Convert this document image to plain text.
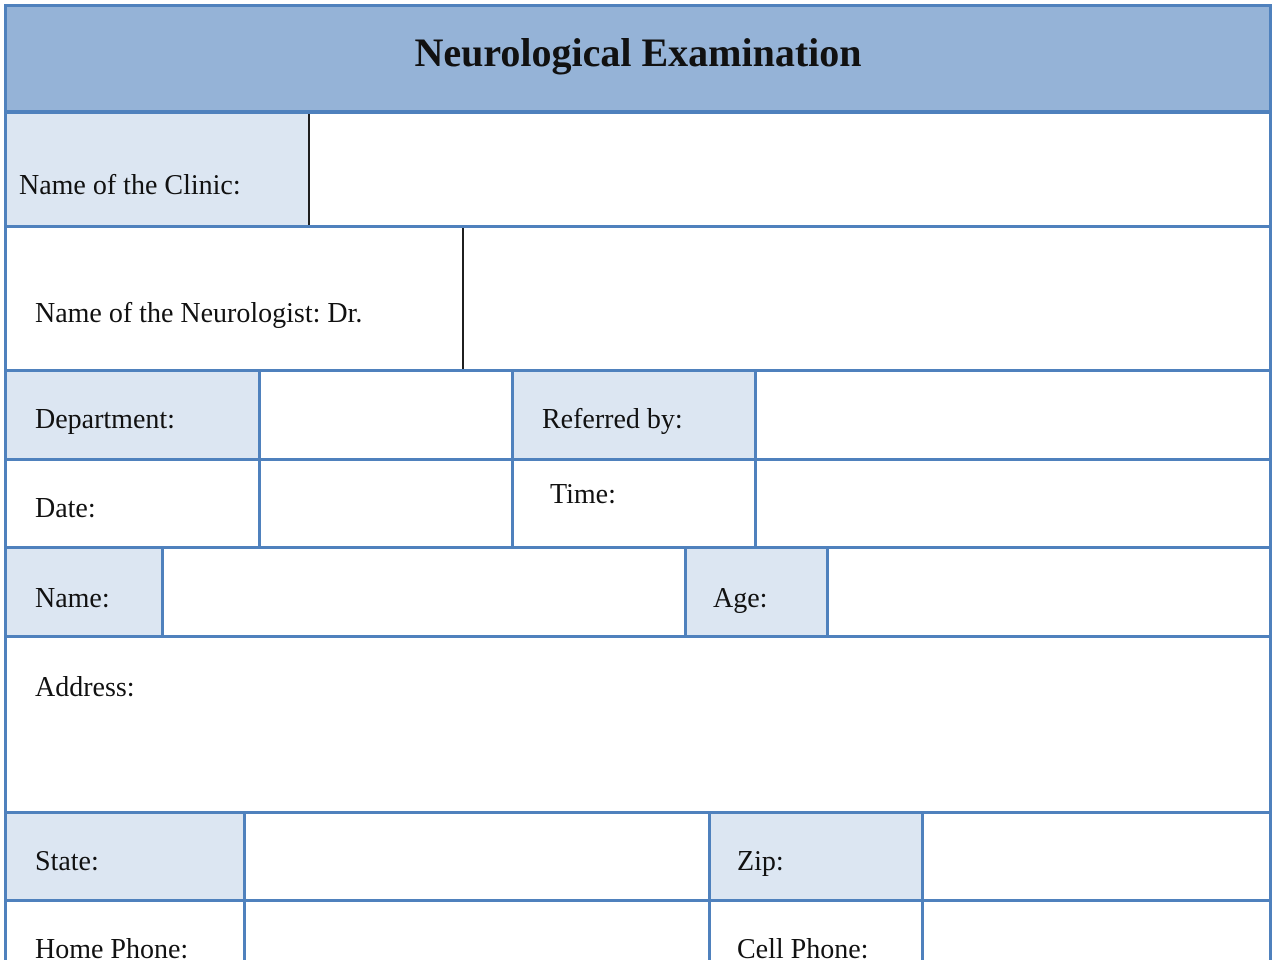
Neurological Examination
Name of the Clinic:
Name of the Neurologist: Dr.
Department:	Referred by:
Date:	Time:
Name:	Age:
Address:
State:	Zip:
Home Phone:	Cell Phone:
